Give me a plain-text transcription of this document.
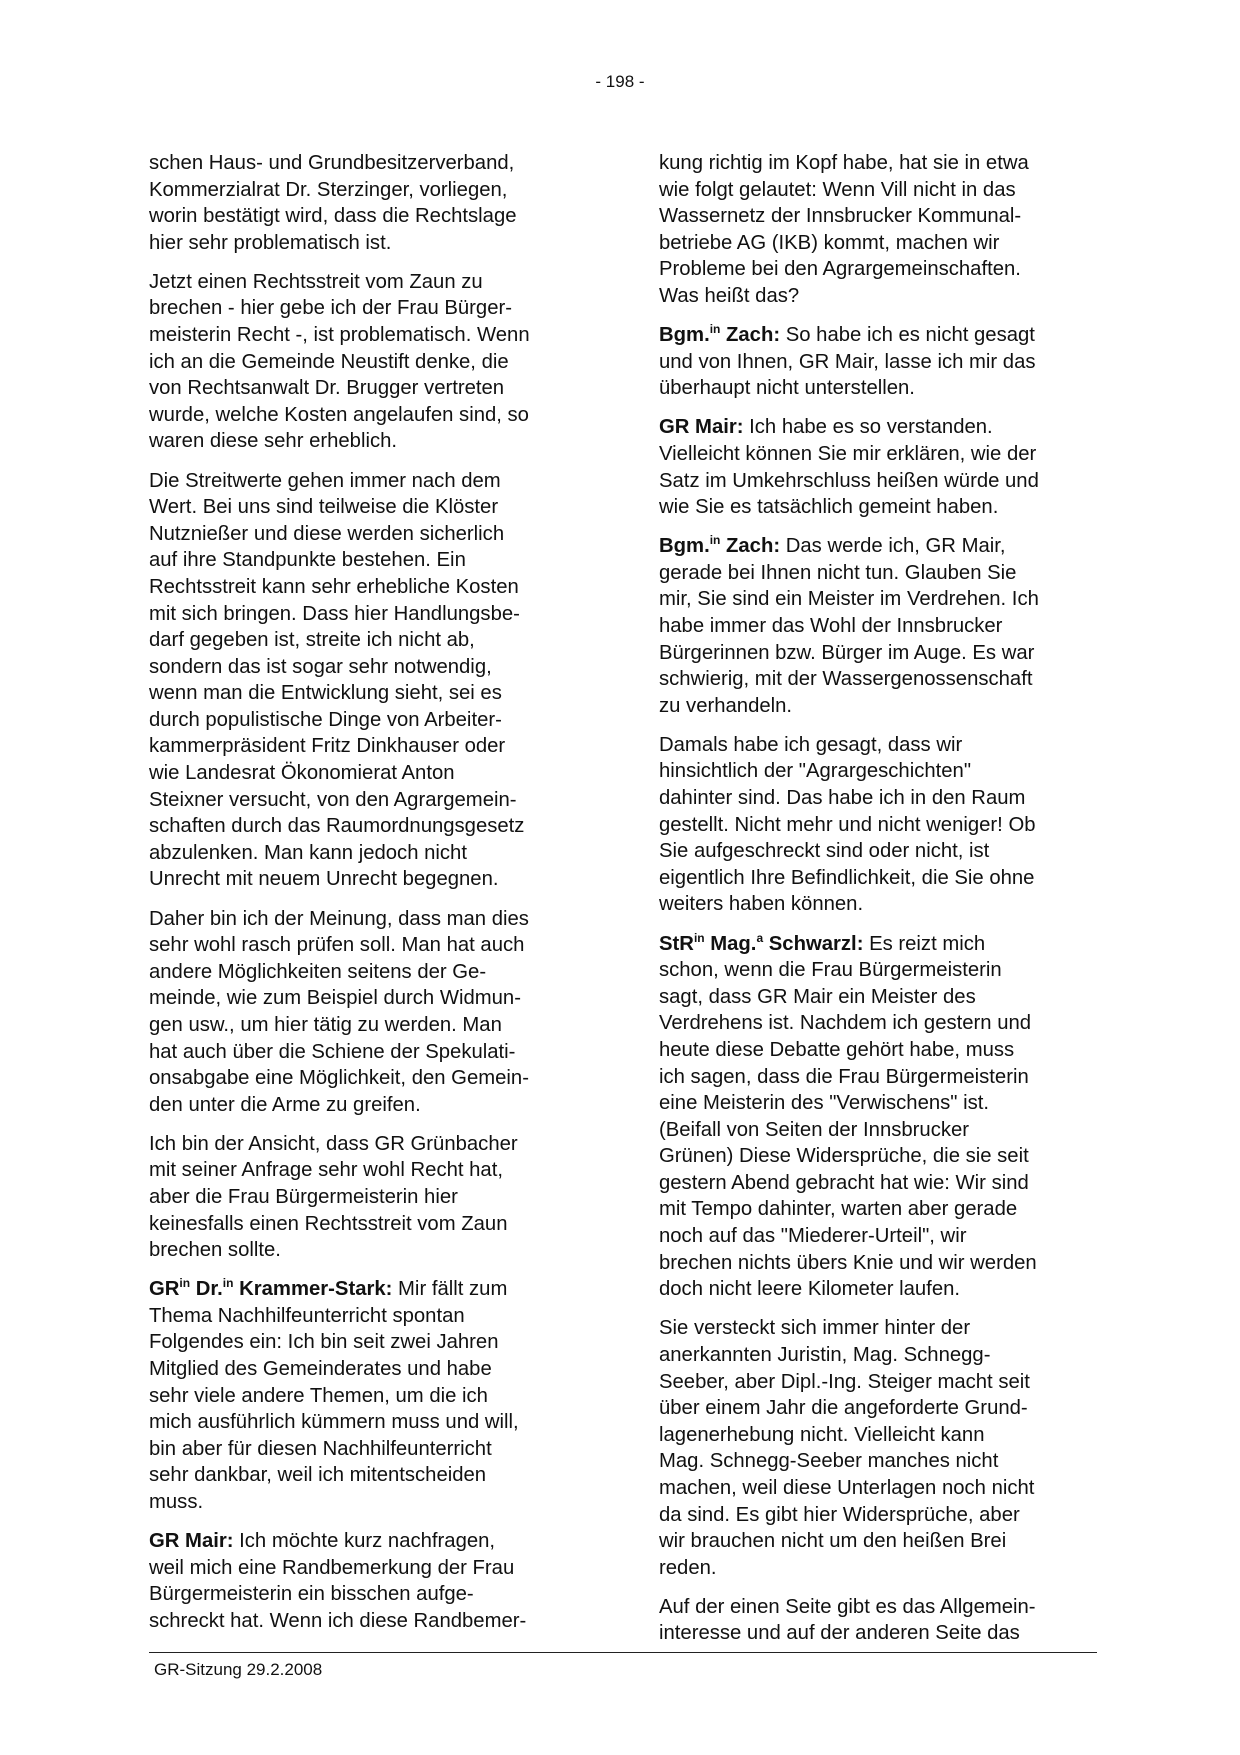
- 198 -

schen Haus- und Grundbesitzerverband,
Kommerzialrat Dr. Sterzinger, vorliegen,
worin bestätigt wird, dass die Rechtslage
hier sehr problematisch ist.

Jetzt einen Rechtsstreit vom Zaun zu
brechen - hier gebe ich der Frau Bürger-
meisterin Recht -, ist problematisch. Wenn
ich an die Gemeinde Neustift denke, die
von Rechtsanwalt Dr. Brugger vertreten
wurde, welche Kosten angelaufen sind, so
waren diese sehr erheblich.

Die Streitwerte gehen immer nach dem
Wert. Bei uns sind teilweise die Klöster
Nutznießer und diese werden sicherlich
auf ihre Standpunkte bestehen. Ein
Rechtsstreit kann sehr erhebliche Kosten
mit sich bringen. Dass hier Handlungsbe-
darf gegeben ist, streite ich nicht ab,
sondern das ist sogar sehr notwendig,
wenn man die Entwicklung sieht, sei es
durch populistische Dinge von Arbeiter-
kammerpräsident Fritz Dinkhauser oder
wie Landesrat Ökonomierat Anton
Steixner versucht, von den Agrargemein-
schaften durch das Raumordnungsgesetz
abzulenken. Man kann jedoch nicht
Unrecht mit neuem Unrecht begegnen.

Daher bin ich der Meinung, dass man dies
sehr wohl rasch prüfen soll. Man hat auch
andere Möglichkeiten seitens der Ge-
meinde, wie zum Beispiel durch Widmun-
gen usw., um hier tätig zu werden. Man
hat auch über die Schiene der Spekulati-
onsabgabe eine Möglichkeit, den Gemein-
den unter die Arme zu greifen.

Ich bin der Ansicht, dass GR Grünbacher
mit seiner Anfrage sehr wohl Recht hat,
aber die Frau Bürgermeisterin hier
keinesfalls einen Rechtsstreit vom Zaun
brechen sollte.

$GR^{in}$ Dr.$^{in}$ Krammer-Stark: Mir fällt zum
Thema Nachhilfeunterricht spontan
Folgendes ein: Ich bin seit zwei Jahren
Mitglied des Gemeinderates und habe
sehr viele andere Themen, um die ich
mich ausführlich kümmern muss und will,
bin aber für diesen Nachhilfeunterricht
sehr dankbar, weil ich mitentscheiden
muss.

GR Mair: Ich möchte kurz nachfragen,
weil mich eine Randbemerkung der Frau
Bürgermeisterin ein bisschen aufge-
schreckt hat. Wenn ich diese Randbemer-

kung richtig im Kopf habe, hat sie in etwa
wie folgt gelautet: Wenn Vill nicht in das
Wassernetz der Innsbrucker Kommunal-
betriebe AG (IKB) kommt, machen wir
Probleme bei den Agrargemeinschaften.
Was heißt das?

Bgm.$^{in}$ Zach: So habe ich es nicht gesagt
und von Ihnen, GR Mair, lasse ich mir das
überhaupt nicht unterstellen.

GR Mair: Ich habe es so verstanden.
Vielleicht können Sie mir erklären, wie der
Satz im Umkehrschluss heißen würde und
wie Sie es tatsächlich gemeint haben.

Bgm.$^{in}$ Zach: Das werde ich, GR Mair,
gerade bei Ihnen nicht tun. Glauben Sie
mir, Sie sind ein Meister im Verdrehen. Ich
habe immer das Wohl der Innsbrucker
Bürgerinnen bzw. Bürger im Auge. Es war
schwierig, mit der Wassergenossenschaft
zu verhandeln.

Damals habe ich gesagt, dass wir
hinsichtlich der "Agrargeschichten"
dahinter sind. Das habe ich in den Raum
gestellt. Nicht mehr und nicht weniger! Ob
Sie aufgeschreckt sind oder nicht, ist
eigentlich Ihre Befindlichkeit, die Sie ohne
weiters haben können.

StR$^{in}$ Mag.$^a$ Schwarzl: Es reizt mich
schon, wenn die Frau Bürgermeisterin
sagt, dass GR Mair ein Meister des
Verdrehens ist. Nachdem ich gestern und
heute diese Debatte gehört habe, muss
ich sagen, dass die Frau Bürgermeisterin
eine Meisterin des "Verwischens" ist.
(Beifall von Seiten der Innsbrucker
Grünen) Diese Widersprüche, die sie seit
gestern Abend gebracht hat wie: Wir sind
mit Tempo dahinter, warten aber gerade
noch auf das "Miederer-Urteil", wir
brechen nichts übers Knie und wir werden
doch nicht leere Kilometer laufen.

Sie versteckt sich immer hinter der
anerkannten Juristin, Mag. Schnegg-
Seeber, aber Dipl.-Ing. Steiger macht seit
über einem Jahr die angeforderte Grund-
lagenerhebung nicht. Vielleicht kann
Mag. Schnegg-Seeber manches nicht
machen, weil diese Unterlagen noch nicht
da sind. Es gibt hier Widersprüche, aber
wir brauchen nicht um den heißen Brei
reden.

Auf der einen Seite gibt es das Allgemein-
interesse und auf der anderen Seite das

GR-Sitzung 29.2.2008
